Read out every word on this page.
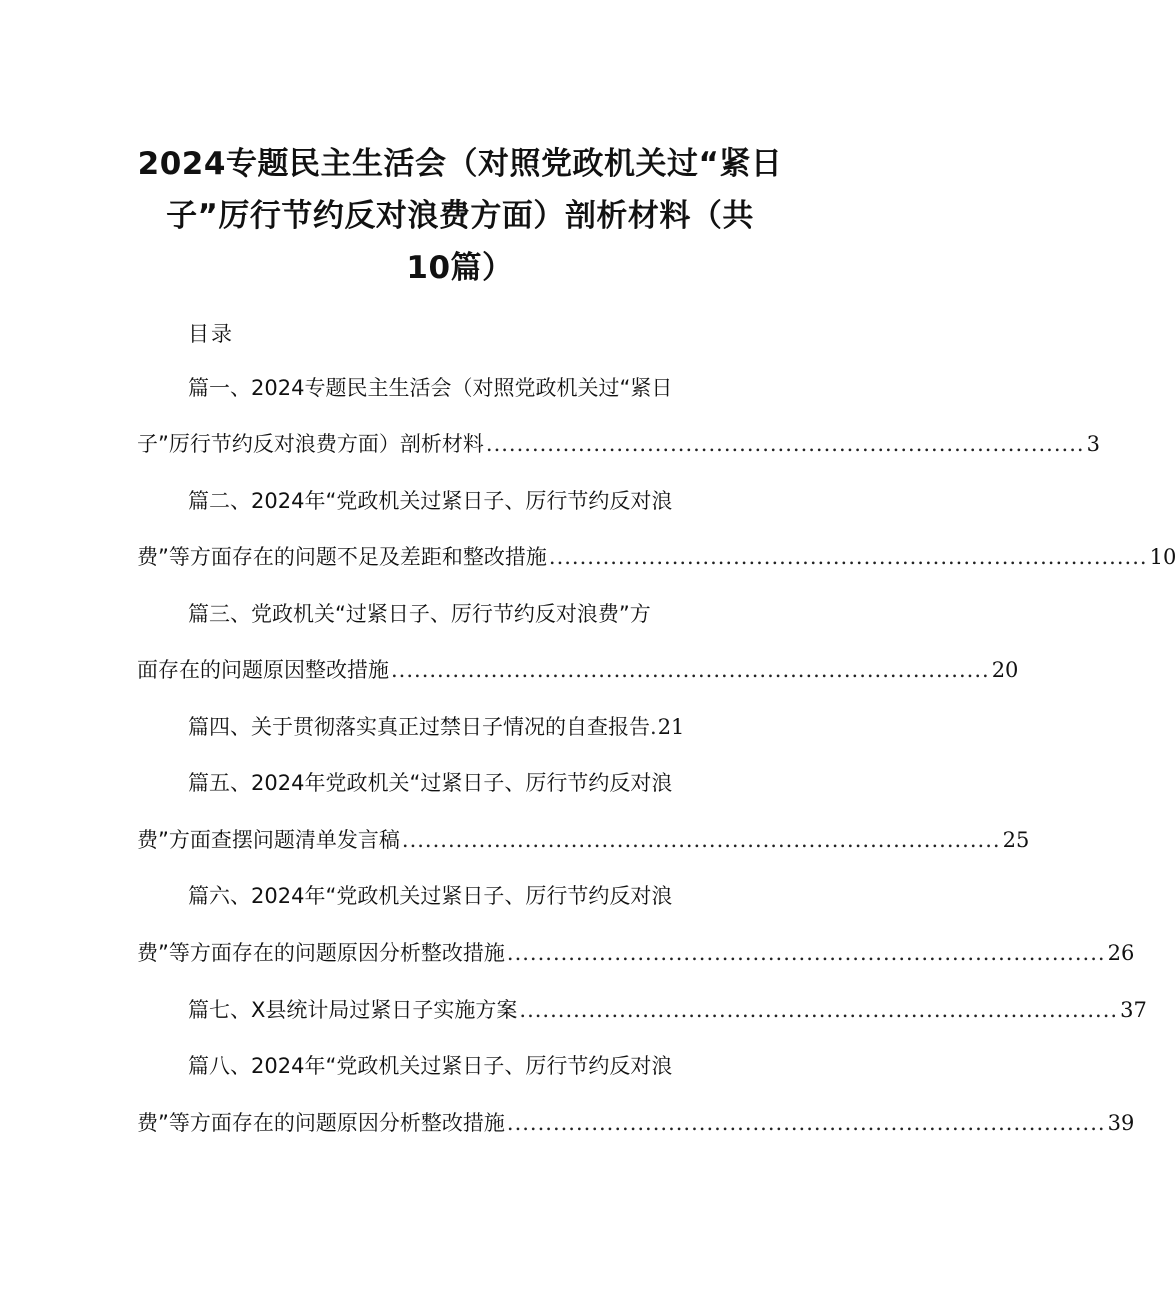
2024专题民主生活会（对照党政机关过“紧日
子”厉行节约反对浪费方面）剖析材料（共
10篇）
目录
篇一、2024专题民主生活会（对照党政机关过“紧日
子”厉行节约反对浪费方面）剖析材料 .............................................................................. 3
篇二、2024年“党政机关过紧日子、厉行节约反对浪
费”等方面存在的问题不足及差距和整改措施 .............................................................................. 10
篇三、党政机关“过紧日子、厉行节约反对浪费”方
面存在的问题原因整改措施 .............................................................................. 20
篇四、关于贯彻落实真正过禁日子情况的自查报告 . 21
篇五、2024年党政机关“过紧日子、厉行节约反对浪
费”方面查摆问题清单发言稿 .............................................................................. 25
篇六、2024年“党政机关过紧日子、厉行节约反对浪
费”等方面存在的问题原因分析整改措施 .............................................................................. 26
篇七、X县统计局过紧日子实施方案 .............................................................................. 37
篇八、2024年“党政机关过紧日子、厉行节约反对浪
费”等方面存在的问题原因分析整改措施 .............................................................................. 39
